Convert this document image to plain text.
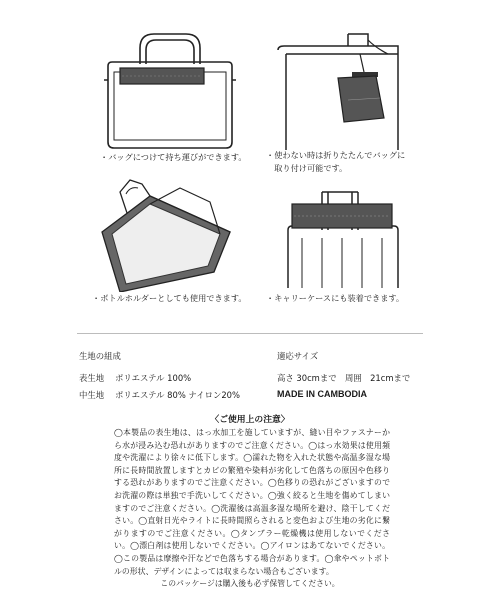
・バッグにつけて持ち運びができます。 ・使わない時は折りたたんでバッグに
　取り付け可能です。
・ボトルホルダーとしても使用できます。 ・キャリーケースにも装着できます。
生地の組成
表生地 ポリエステル 100%
中生地 ポリエステル 80% ナイロン20%
適応サイズ
高さ 30cmまで　周囲　21cmまで
MADE IN CAMBODIA
〈ご使用上の注意〉
◯本製品の表生地は、はっ水加工を施していますが、縫い目やファスナーから水が浸み込む恐れがありますのでご注意ください。◯はっ水効果は使用頻度や洗濯により徐々に低下します。◯濡れた物を入れた状態や高温多湿な場所に長時間放置しますとカビの繁殖や染料が劣化して色落ちの原因や色移りする恐れがありますのでご注意ください。◯色移りの恐れがございますのでお洗濯の際は単独で手洗いしてください。◯強く絞ると生地を傷めてしまいますのでご注意ください。◯洗濯後は高温多湿な場所を避け、陰干してください。◯直射日光やライトに長時間照らされると変色および生地の劣化に繋がりますのでご注意ください。◯タンブラー乾燥機は使用しないでください。◯漂白剤は使用しないでください。◯アイロンはあてないでください。◯この製品は摩擦や汗などで色落ちする場合があります。◯傘やペットボトルの形状、デザインによっては収まらない場合もございます。
このパッケージは購入後も必ず保管してください。
